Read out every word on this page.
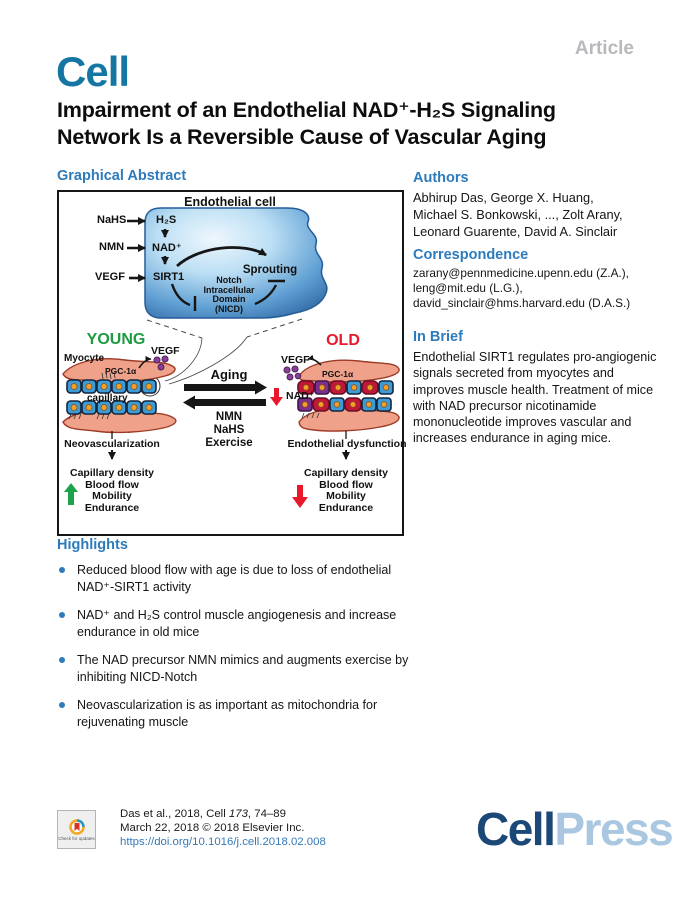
Article
Cell
Impairment of an Endothelial NAD⁺-H₂S Signaling
Network Is a Reversible Cause of Vascular Aging
Graphical Abstract
Endothelial cell
NaHS	H₂S
NMN	NAD⁺
VEGF	SIRT1
Sprouting
Notch
Intracellular
Domain
(NICD)
YOUNG	OLD
Myocyte
VEGF
PGC-1α
capillary
Neovascularization
Capillary density
Blood flow
Mobility
Endurance
Aging
NMN
NaHS
Exercise
VEGF
PGC-1α
NAD⁺
Endothelial dysfunction
Capillary density
Blood flow
Mobility
Endurance
Highlights
Reduced blood flow with age is due to loss of endothelial NAD⁺-SIRT1 activity
NAD⁺ and H₂S control muscle angiogenesis and increase endurance in old mice
The NAD precursor NMN mimics and augments exercise by inhibiting NICD-Notch
Neovascularization is as important as mitochondria for rejuvenating muscle
Authors
Abhirup Das, George X. Huang,
Michael S. Bonkowski, ..., Zolt Arany,
Leonard Guarente, David A. Sinclair
Correspondence
zarany@pennmedicine.upenn.edu (Z.A.),
leng@mit.edu (L.G.),
david_sinclair@hms.harvard.edu (D.A.S.)
In Brief
Endothelial SIRT1 regulates pro-angiogenic signals secreted from myocytes and improves muscle health. Treatment of mice with NAD precursor nicotinamide mononucleotide improves vascular and increases endurance in aging mice.
Check for updates
Das et al., 2018, Cell 173, 74–89
March 22, 2018 © 2018 Elsevier Inc.
https://doi.org/10.1016/j.cell.2018.02.008	CellPress
